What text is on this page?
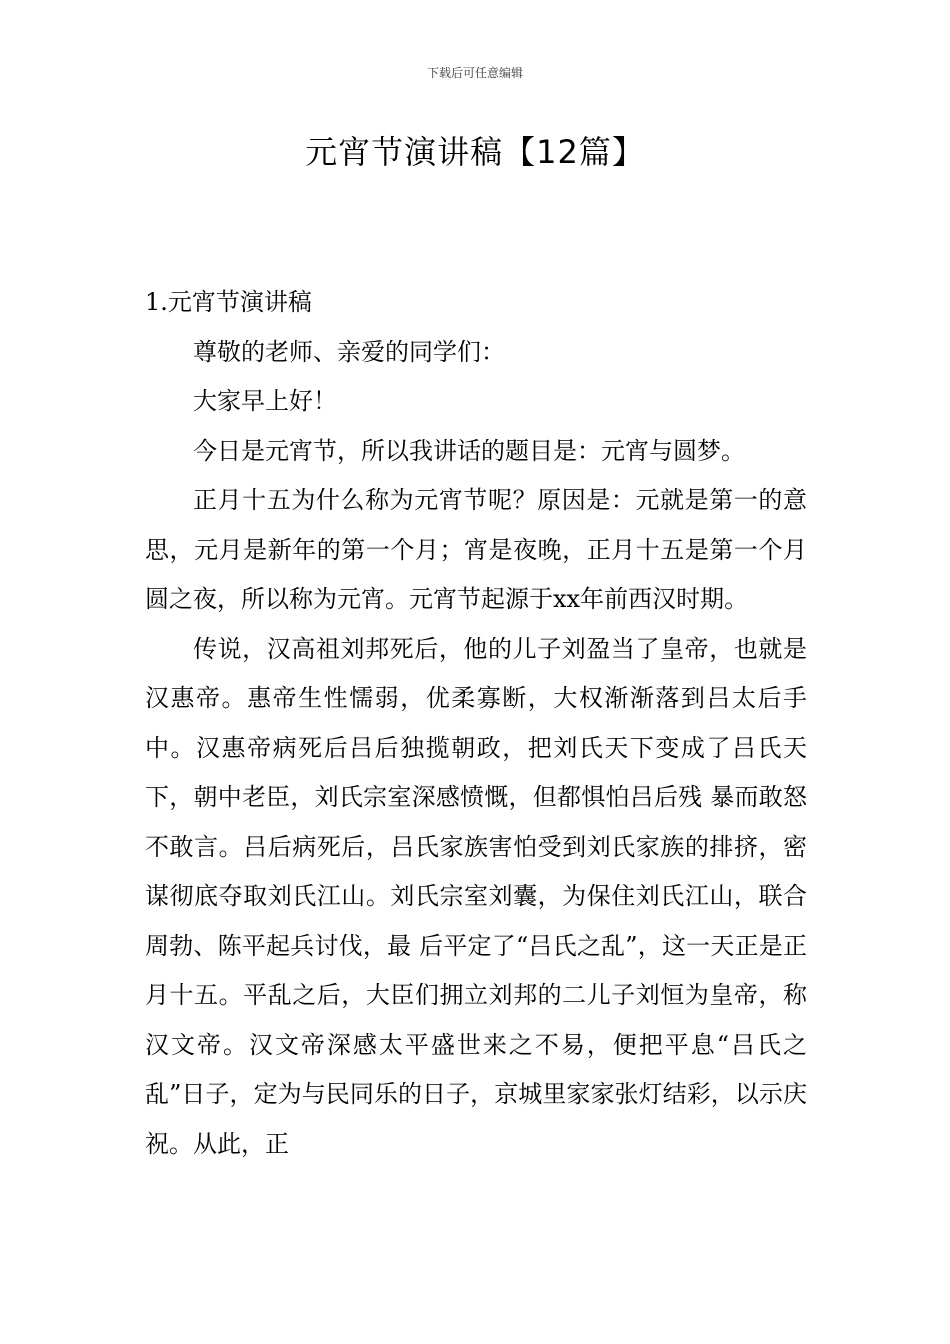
下载后可任意编辑
元宵节演讲稿【12篇】
1.元宵节演讲稿

尊敬的老师、亲爱的同学们：

大家早上好！

今日是元宵节，所以我讲话的题目是：元宵与圆梦。

正月十五为什么称为元宵节呢？原因是：元就是第一的意思，元月是新年的第一个月；宵是夜晚，正月十五是第一个月圆之夜，所以称为元宵。元宵节起源于xx年前西汉时期。

传说，汉高祖刘邦死后，他的儿子刘盈当了皇帝，也就是汉惠帝。惠帝生性懦弱，优柔寡断，大权渐渐落到吕太后手中。汉惠帝病死后吕后独揽朝政，把刘氏天下变成了吕氏天下，朝中老臣，刘氏宗室深感愤慨，但都惧怕吕后残 暴而敢怒不敢言。吕后病死后，吕氏家族害怕受到刘氏家族的排挤，密谋彻底夺取刘氏江山。刘氏宗室刘囊，为保住刘氏江山，联合周勃、陈平起兵讨伐，最 后平定了“吕氏之乱”，这一天正是正月十五。平乱之后，大臣们拥立刘邦的二儿子刘恒为皇帝，称汉文帝。汉文帝深感太平盛世来之不易，便把平息“吕氏之乱”日子，定为与民同乐的日子，京城里家家张灯结彩，以示庆祝。从此，正
